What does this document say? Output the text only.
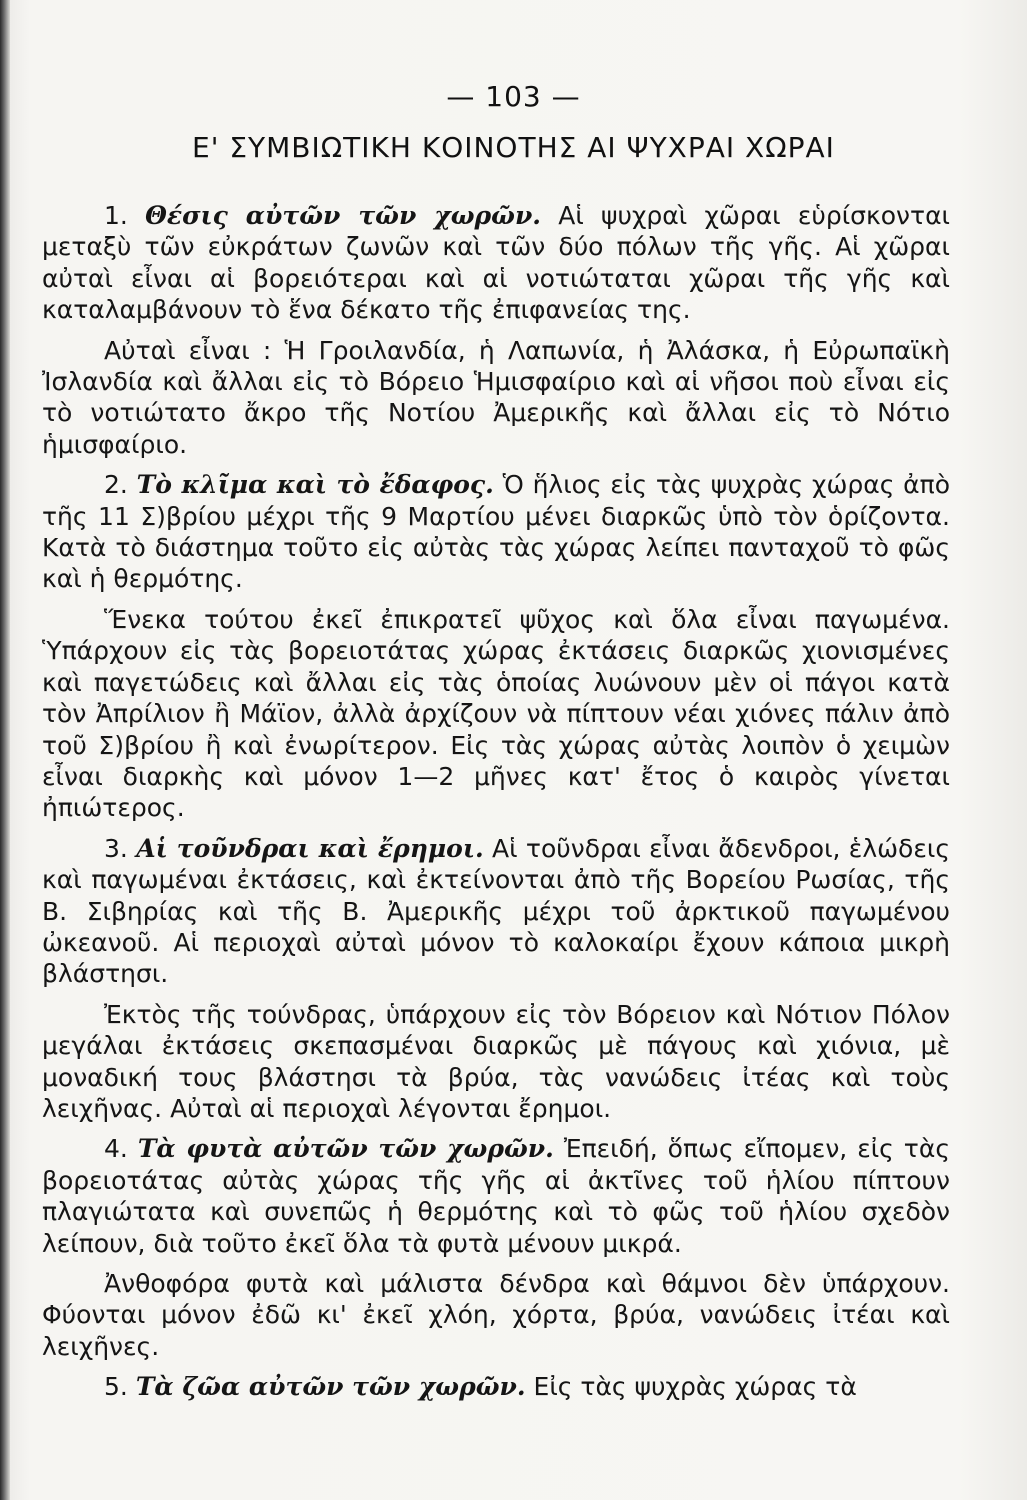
— 103 —
Ε' ΣΥΜΒΙΩΤΙΚΗ ΚΟΙΝΟΤΗΣ ΑΙ ΨΥΧΡΑΙ ΧΩΡΑΙ

1. Θέσις αὐτῶν τῶν χωρῶν. Αἱ ψυχραὶ χῶραι εὑρίσκονται μεταξὺ τῶν εὐκράτων ζωνῶν καὶ τῶν δύο πόλων τῆς γῆς. Αἱ χῶραι αὐταὶ εἶναι αἱ βορειότεραι καὶ αἱ νοτιώταται χῶραι τῆς γῆς καὶ καταλαμβάνουν τὸ ἕνα δέκατο τῆς ἐπιφανείας της.

Αὐταὶ εἶναι : Ἡ Γροιλανδία, ἡ Λαπωνία, ἡ Ἀλάσκα, ἡ Εὐρωπαϊκὴ Ἰσλανδία καὶ ἄλλαι εἰς τὸ Βόρειο Ἡμισφαίριο καὶ αἱ νῆσοι ποὺ εἶναι εἰς τὸ νοτιώτατο ἄκρο τῆς Νοτίου Ἀμερικῆς καὶ ἄλλαι εἰς τὸ Νότιο ἡμισφαίριο.

2. Τὸ κλῖμα καὶ τὸ ἔδαφος. Ὁ ἥλιος εἰς τὰς ψυχρὰς χώρας ἀπὸ τῆς 11 Σ)βρίου μέχρι τῆς 9 Μαρτίου μένει διαρκῶς ὑπὸ τὸν ὁρίζοντα. Κατὰ τὸ διάστημα τοῦτο εἰς αὐτὰς τὰς χώρας λείπει πανταχοῦ τὸ φῶς καὶ ἡ θερμότης.

Ἕνεκα τούτου ἐκεῖ ἐπικρατεῖ ψῦχος καὶ ὅλα εἶναι παγωμένα. Ὑπάρχουν εἰς τὰς βορειοτάτας χώρας ἐκτάσεις διαρκῶς χιονισμένες καὶ παγετώδεις καὶ ἄλλαι εἰς τὰς ὁποίας λυώνουν μὲν οἱ πάγοι κατὰ τὸν Ἀπρίλιον ἢ Μάϊον, ἀλλὰ ἀρχίζουν νὰ πίπτουν νέαι χιόνες πάλιν ἀπὸ τοῦ Σ)βρίου ἢ καὶ ἐνωρίτερον. Εἰς τὰς χώρας αὐτὰς λοιπὸν ὁ χειμὼν εἶναι διαρκὴς καὶ μόνον 1—2 μῆνες κατ' ἔτος ὁ καιρὸς γίνεται ἠπιώτερος.

3. Αἱ τοῦνδραι καὶ ἔρημοι. Αἱ τοῦνδραι εἶναι ἄδενδροι, ἑλώδεις καὶ παγωμέναι ἐκτάσεις, καὶ ἐκτείνονται ἀπὸ τῆς Βορείου Ρωσίας, τῆς Β. Σιβηρίας καὶ τῆς Β. Ἀμερικῆς μέχρι τοῦ ἀρκτικοῦ παγωμένου ὠκεανοῦ. Αἱ περιοχαὶ αὐταὶ μόνον τὸ καλοκαίρι ἔχουν κάποια μικρὴ βλάστησι.

Ἐκτὸς τῆς τούνδρας, ὑπάρχουν εἰς τὸν Βόρειον καὶ Νότιον Πόλον μεγάλαι ἐκτάσεις σκεπασμέναι διαρκῶς μὲ πάγους καὶ χιόνια, μὲ μοναδική τους βλάστησι τὰ βρύα, τὰς νανώδεις ἰτέας καὶ τοὺς λειχῆνας. Αὐταὶ αἱ περιοχαὶ λέγονται ἔρημοι.

4. Τὰ φυτὰ αὐτῶν τῶν χωρῶν. Ἐπειδή, ὅπως εἴπομεν, εἰς τὰς βορειοτάτας αὐτὰς χώρας τῆς γῆς αἱ ἀκτῖνες τοῦ ἡλίου πίπτουν πλαγιώτατα καὶ συνεπῶς ἡ θερμότης καὶ τὸ φῶς τοῦ ἡλίου σχεδὸν λείπουν, διὰ τοῦτο ἐκεῖ ὅλα τὰ φυτὰ μένουν μικρά.

Ἀνθοφόρα φυτὰ καὶ μάλιστα δένδρα καὶ θάμνοι δὲν ὑπάρχουν. Φύονται μόνον ἐδῶ κι' ἐκεῖ χλόη, χόρτα, βρύα, νανώδεις ἰτέαι καὶ λειχῆνες.

5. Τὰ ζῶα αὐτῶν τῶν χωρῶν. Εἰς τὰς ψυχρὰς χώρας τὰ
